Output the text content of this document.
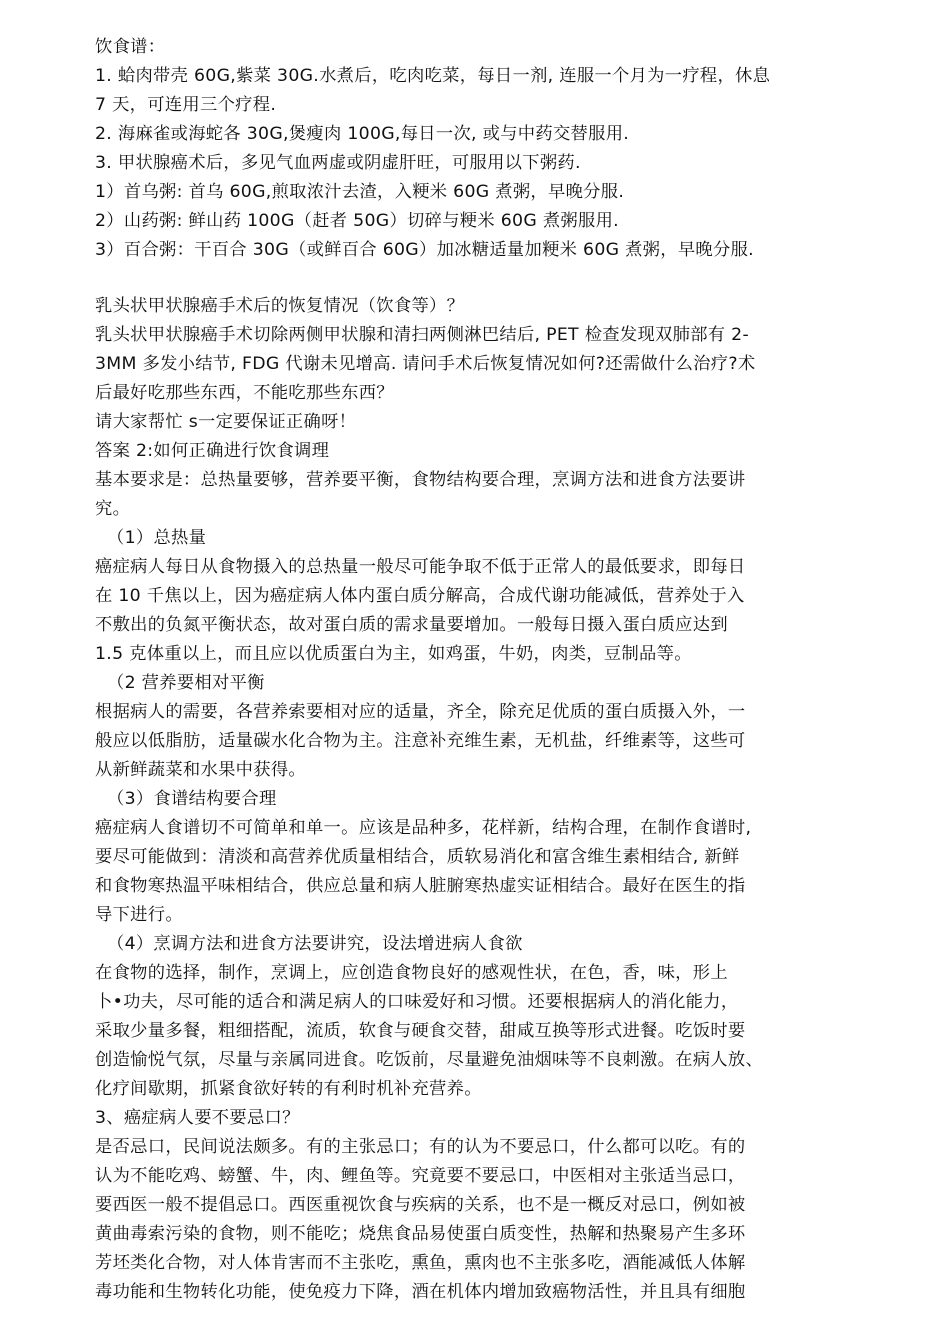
饮食谱：
1. 蛤肉带壳 60G,紫菜 30G.水煮后，吃肉吃菜，每日一剂, 连服一个月为一疗程，休息
7 天，可连用三个疗程.
2. 海麻雀或海蛇各 30G,煲瘦肉 100G,每日一次, 或与中药交替服用.
3. 甲状腺癌术后，多见气血两虚或阴虚肝旺，可服用以下粥药.
1）首乌粥: 首乌 60G,煎取浓汁去渣，入粳米 60G 煮粥，早晚分服.
2）山药粥: 鲜山药 100G（赶者 50G）切碎与粳米 60G 煮粥服用.
3）百合粥：干百合 30G（或鲜百合 60G）加冰糖适量加粳米 60G 煮粥，早晚分服.
乳头状甲状腺癌手术后的恢复情况（饮食等）？
乳头状甲状腺癌手术切除两侧甲状腺和清扫两侧淋巴结后, PET 检查发现双肺部有 2-
3MM 多发小结节, FDG 代谢未见增高. 请问手术后恢复情况如何?还需做什么治疗?术
后最好吃那些东西，不能吃那些东西？
请大家帮忙 s一定要保证正确呀！
答案 2:如何正确进行饮食调理
基本要求是：总热量要够，营养要平衡，食物结构要合理，烹调方法和进食方法要讲
究。
（1）总热量
癌症病人每日从食物摄入的总热量一般尽可能争取不低于正常人的最低要求，即每日
在 10 千焦以上，因为癌症病人体内蛋白质分解高，合成代谢功能减低，营养处于入
不敷出的负氮平衡状态，故对蛋白质的需求量要增加。一般每日摄入蛋白质应达到
1.5 克体重以上，而且应以优质蛋白为主，如鸡蛋，牛奶，肉类，豆制品等。
（2 营养要相对平衡
根据病人的需要，各营养索要相对应的适量，齐全，除充足优质的蛋白质摄入外，一
般应以低脂肪，适量碳水化合物为主。注意补充维生素，无机盐，纤维素等，这些可
从新鲜蔬菜和水果中获得。
（3）食谱结构要合理
癌症病人食谱切不可简单和单一。应该是品种多，花样新，结构合理，在制作食谱时,
要尽可能做到：清淡和高营养优质量相结合，质软易消化和富含维生素相结合, 新鲜
和食物寒热温平味相结合，供应总量和病人脏腑寒热虚实证相结合。最好在医生的指
导下进行。
（4）烹调方法和进食方法要讲究，设法增进病人食欲
在食物的选择，制作，烹调上，应创造食物良好的感观性状，在色，香，味，形上
卜•功夫，尽可能的适合和满足病人的口味爱好和习惯。还要根据病人的消化能力，
采取少量多餐，粗细搭配，流质，软食与硬食交替，甜咸互换等形式进餐。吃饭时要
创造愉悦气氛，尽量与亲属同进食。吃饭前，尽量避免油烟味等不良刺激。在病人放、
化疗间歇期，抓紧食欲好转的有利时机补充营养。
3、癌症病人要不要忌口？
是否忌口，民间说法颇多。有的主张忌口；有的认为不要忌口，什么都可以吃。有的
认为不能吃鸡、螃蟹、牛，肉、鲤鱼等。究竟要不要忌口，中医相对主张适当忌口，
要西医一般不提倡忌口。西医重视饮食与疾病的关系，也不是一概反对忌口，例如被
黄曲毒索污染的食物，则不能吃；烧焦食品易使蛋白质变性，热解和热聚易产生多环
芳坯类化合物，对人体肯害而不主张吃，熏鱼，熏肉也不主张多吃，酒能减低人体解
毒功能和生物转化功能，使免疫力下降，酒在机体内增加致癌物活性，并且具有细胞
